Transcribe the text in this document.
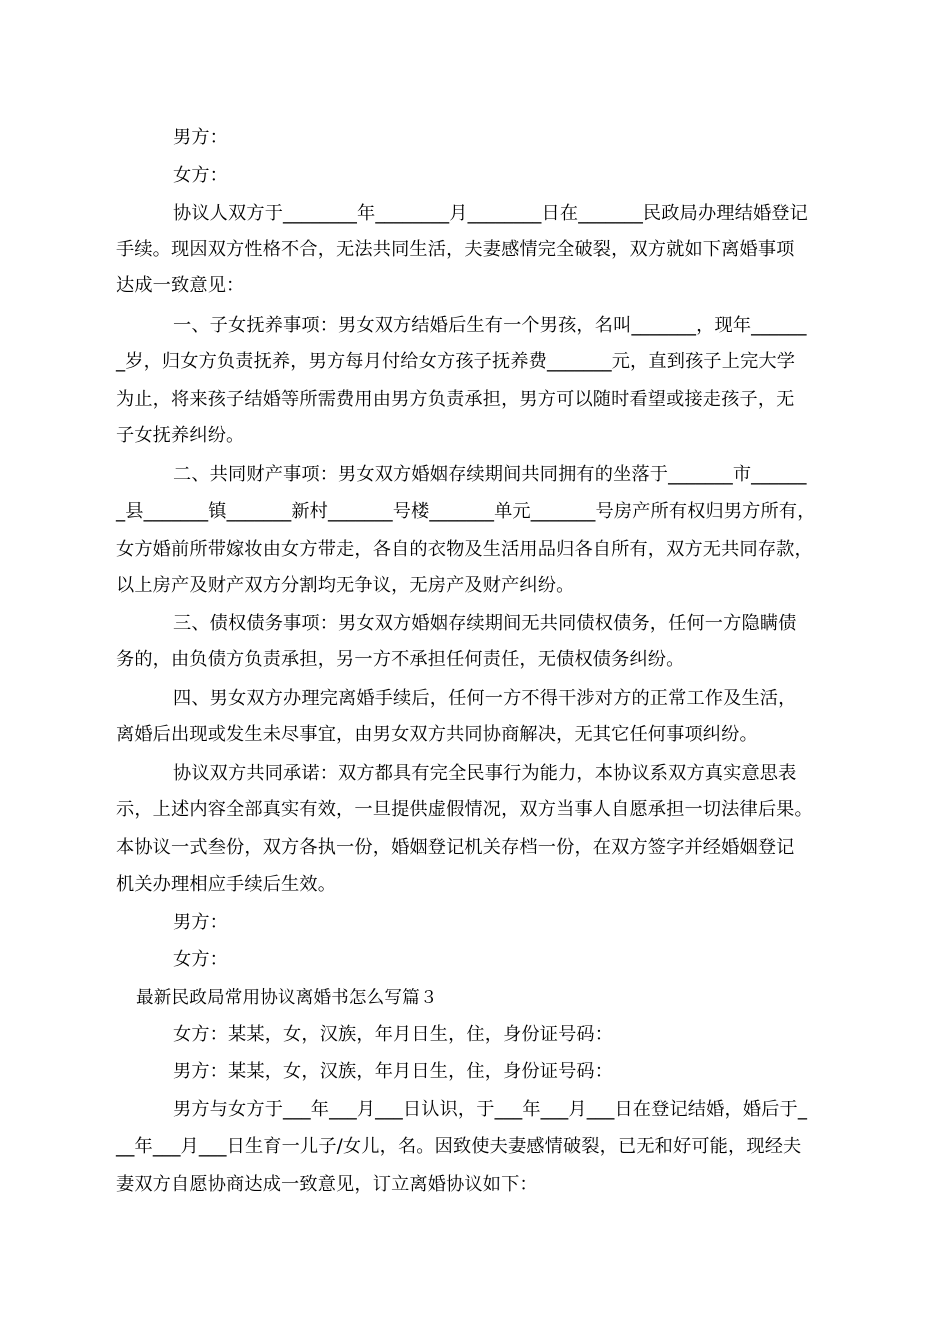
男方：
女方：
协议人双方于________年________月________日在_______民政局办理结婚登记
手续。现因双方性格不合，无法共同生活，夫妻感情完全破裂，双方就如下离婚事项
达成一致意见：
一、子女抚养事项：男女双方结婚后生有一个男孩，名叫_______，现年______
_岁，归女方负责抚养，男方每月付给女方孩子抚养费_______元，直到孩子上完大学
为止，将来孩子结婚等所需费用由男方负责承担，男方可以随时看望或接走孩子，无
子女抚养纠纷。
二、共同财产事项：男女双方婚姻存续期间共同拥有的坐落于_______市______
_县_______镇_______新村_______号楼_______单元_______号房产所有权归男方所有，
女方婚前所带嫁妆由女方带走，各自的衣物及生活用品归各自所有，双方无共同存款，
以上房产及财产双方分割均无争议，无房产及财产纠纷。
三、债权债务事项：男女双方婚姻存续期间无共同债权债务，任何一方隐瞒债
务的，由负债方负责承担，另一方不承担任何责任，无债权债务纠纷。
四、男女双方办理完离婚手续后，任何一方不得干涉对方的正常工作及生活，
离婚后出现或发生未尽事宜，由男女双方共同协商解决，无其它任何事项纠纷。
协议双方共同承诺：双方都具有完全民事行为能力，本协议系双方真实意思表
示，上述内容全部真实有效，一旦提供虚假情况，双方当事人自愿承担一切法律后果。
本协议一式叁份，双方各执一份，婚姻登记机关存档一份，在双方签字并经婚姻登记
机关办理相应手续后生效。
男方：
女方：
最新民政局常用协议离婚书怎么写篇３
女方：某某，女，汉族，年月日生，住，身份证号码：
男方：某某，女，汉族，年月日生，住，身份证号码：
男方与女方于___年___月___日认识，于___年___月___日在登记结婚，婚后于_
__年___月___日生育一儿子/女儿，名。因致使夫妻感情破裂，已无和好可能，现经夫
妻双方自愿协商达成一致意见，订立离婚协议如下：
